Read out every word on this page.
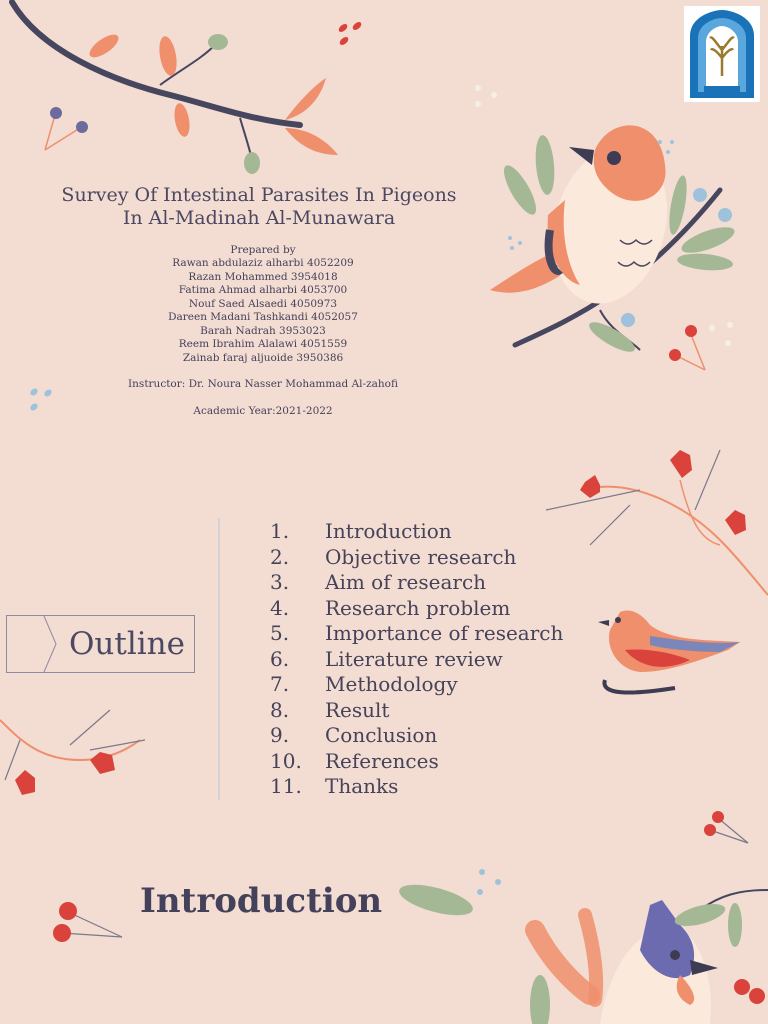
Survey Of Intestinal Parasites In Pigeons
In Al-Madinah Al-Munawara
Prepared by
Rawan abdulaziz alharbi 4052209
Razan Mohammed 3954018
Fatima Ahmad alharbi 4053700
Nouf Saed Alsaedi 4050973
Dareen Madani Tashkandi 4052057
Barah Nadrah 3953023
Reem Ibrahim Alalawi 4051559
Zainab faraj aljuoide 3950386
Instructor: Dr. Noura Nasser Mohammad Al-zahofi
Academic Year:2021-2022
Outline
1. Introduction
2. Objective research
3. Aim of research
4. Research problem
5. Importance of research
6. Literature review
7. Methodology
8. Result
9. Conclusion
10. References
11. Thanks
Introduction
